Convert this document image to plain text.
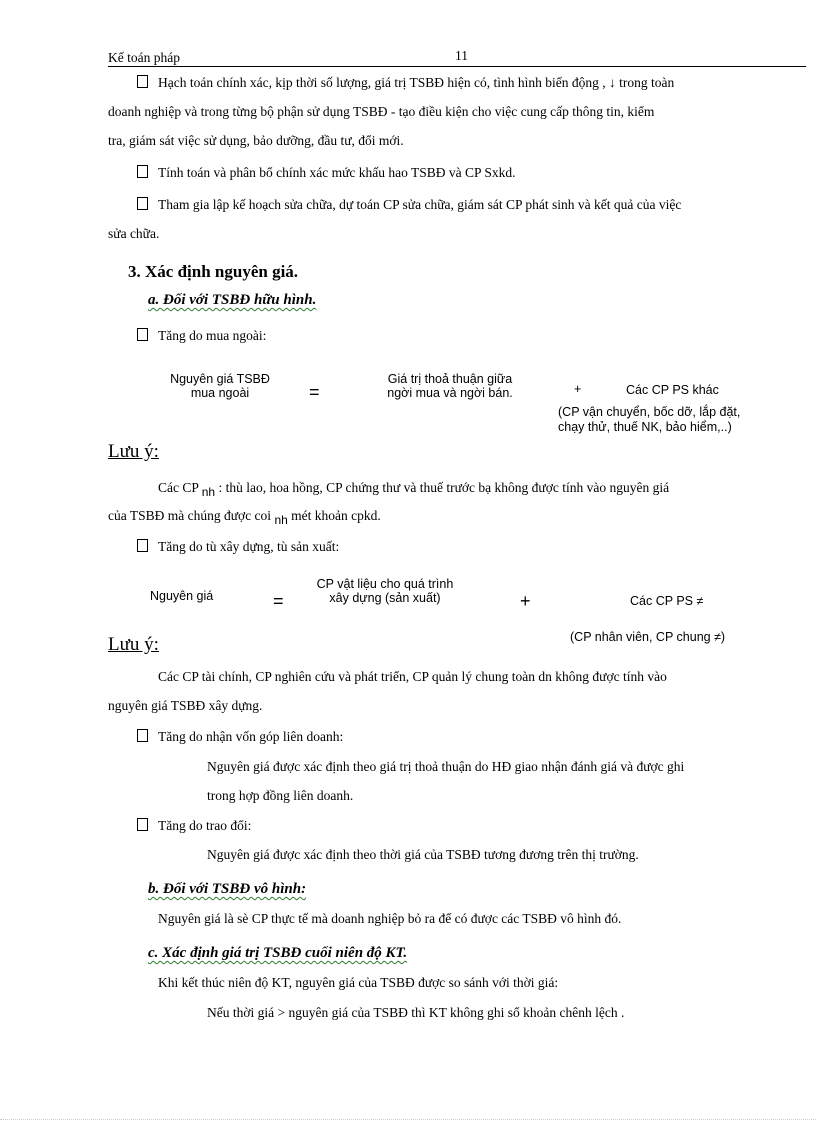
Kế toán pháp	11
Hạch toán chính xác, kịp thời số lượng, giá trị TSBĐ hiện có, tình hình biến động , ↓ trong toàn
doanh nghiệp và trong từng bộ phận sử dụng TSBĐ - tạo điều kiện cho việc cung cấp thông tin, kiểm
tra, giám sát việc sử dụng, bảo dưỡng, đầu tư, đổi mới.
Tính toán và phân bổ chính xác mức khấu hao TSBĐ và CP Sxkd.
Tham gia lập kế hoạch sửa chữa, dự toán CP sửa chữa, giám sát CP phát sinh và kết quả của việc
sửa chữa.
3. Xác định nguyên giá.
a. Đối với TSBĐ hữu hình.
Tăng do mua ngoài:
Nguyên giá TSBĐ
mua ngoài	=
Giá trị thoả thuận giữa
ngời mua và ngời bán.	+	Các CP PS khác
(CP vận chuyển, bốc dỡ, lắp đặt,
chạy thử, thuế NK, bảo hiểm,..)
Lưu ý:
Các CP nh : thù lao, hoa hồng, CP chứng thư và thuế trước bạ không được tính vào nguyên giá
của TSBĐ mà chúng được coi nh mét khoản cpkd.
Tăng do tù xây dựng, tù sản xuất:
Nguyên giá	=
CP vật liệu cho quá trình
xây dựng (sản xuất)	+	Các CP PS ≠
(CP nhân viên, CP chung ≠)
Lưu ý:
Các CP tài chính, CP nghiên cứu và phát triển, CP quản lý chung toàn dn không được tính vào
nguyên giá TSBĐ xây dựng.
Tăng do nhận vốn góp liên doanh:
Nguyên giá được xác định theo giá trị thoả thuận do HĐ giao nhận đánh giá và được ghi
trong hợp đồng liên doanh.
Tăng do trao đổi:
Nguyên giá được xác định theo thời giá của TSBĐ tương đương trên thị trường.
b. Đối với TSBĐ vô hình:
Nguyên giá là sè CP thực tế mà doanh nghiệp bỏ ra để có được các TSBĐ vô hình đó.
c. Xác định giá trị TSBĐ cuối niên độ KT.
Khi kết thúc niên độ KT, nguyên giá của TSBĐ được so sánh với thời giá:
Nếu thời giá > nguyên giá của TSBĐ thì KT không ghi sổ khoản chênh lệch .
